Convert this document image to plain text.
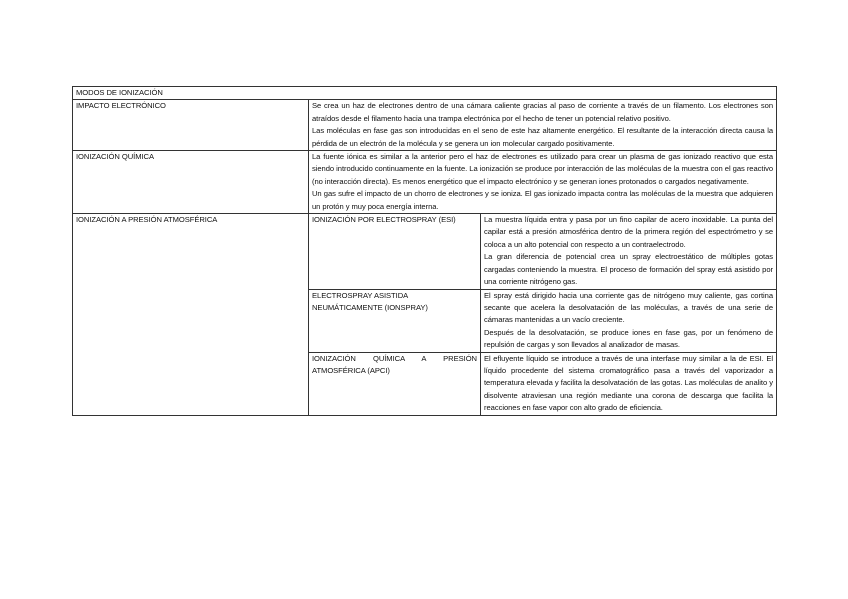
MODOS DE IONIZACIÓN		
IMPACTO ELECTRÓNICO	Se crea un haz de electrones dentro de una cámara caliente gracias al paso de corriente a través de un filamento. Los electrones son atraídos desde el filamento hacia una trampa electrónica por el hecho de tener un potencial relativo positivo.

Las moléculas en fase gas son introducidas en el seno de este haz altamente energético. El resultante de la interacción directa causa la pérdida de un electrón de la molécula y se genera un ion molecular cargado positivamente.	

IONIZACIÓN QUÍMICA	La fuente iónica es similar a la anterior pero el haz de electrones es utilizado para crear un plasma de gas ionizado reactivo que esta siendo introducido continuamente en la fuente. La ionización se produce por interacción de las moléculas de la muestra con el gas reactivo (no interacción directa). Es menos energético que el impacto electrónico y se generan iones protonados o cargados negativamente.

Un gas sufre el impacto de un chorro de electrones y se ioniza. El gas ionizado impacta contra las moléculas de la muestra que adquieren un protón y muy poca energía interna.	

IONIZACIÓN A PRESIÓN ATMOSFÉRICA	IONIZACIÓN POR ELECTROSPRAY (ESI)	La muestra líquida entra y pasa por un fino capilar de acero inoxidable. La punta del capilar está a presión atmosférica dentro de la primera región del espectrómetro y se coloca a un alto potencial con respecto a un contraelectrodo.

La gran diferencia de potencial crea un spray electroestático de múltiples gotas cargadas conteniendo la muestra. El proceso de formación del spray está asistido por una corriente nitrógeno gas.

	ELECTROSPRAY ASISTIDA NEUMÁTICAMENTE (IONSPRAY)	El spray está dirigido hacia una corriente gas de nitrógeno muy caliente, gas cortina secante que acelera la desolvatación de las moléculas, a través de una serie de cámaras mantenidas a un vacío creciente.

Después de la desolvatación, se produce iones en fase gas, por un fenómeno de repulsión de cargas y son llevados al analizador de masas.

	IONIZACIÓN QUÍMICA A PRESIÓN ATMOSFÉRICA (APCI)	El efluyente líquido se introduce a través de una interfase muy similar a la de ESI. El líquido procedente del sistema cromatográfico pasa a través del vaporizador a temperatura elevada y facilita la desolvatación de las gotas. Las moléculas de analito y disolvente atraviesan una región mediante una corona de descarga que facilita la reacciones en fase vapor con alto grado de eficiencia.
